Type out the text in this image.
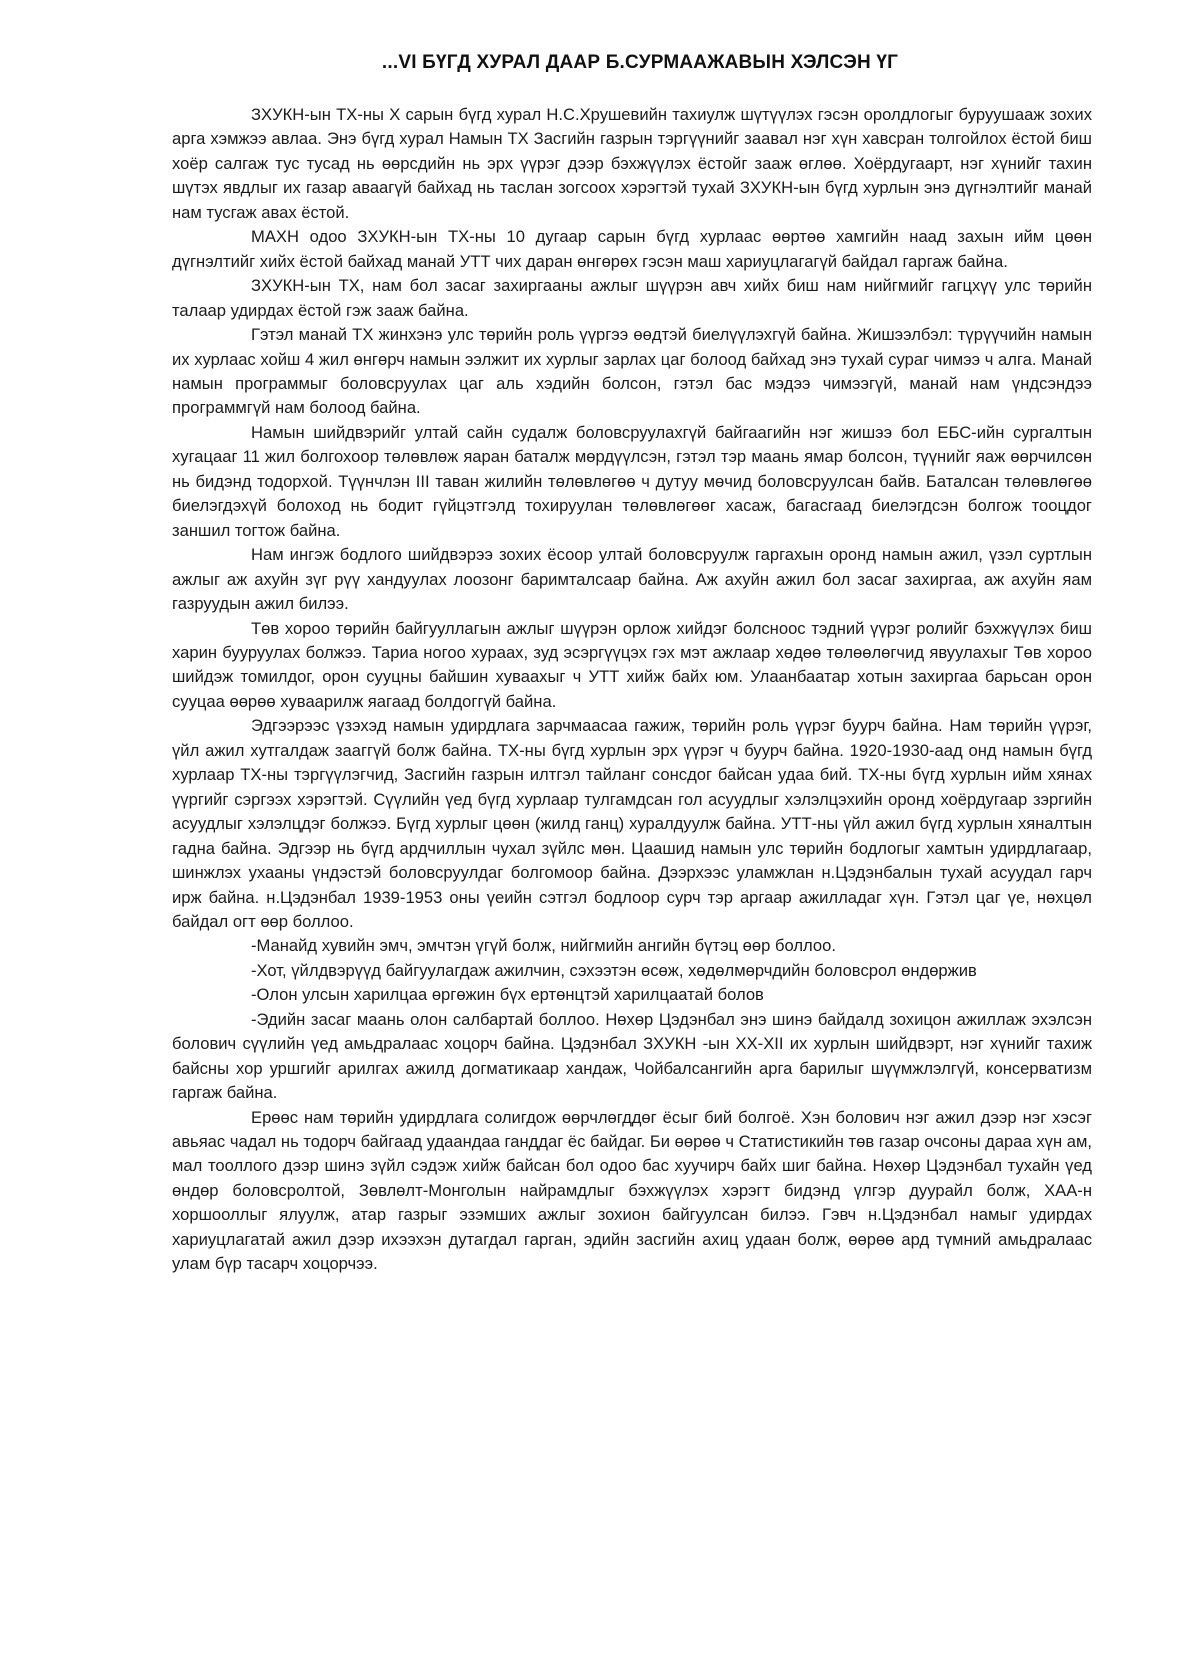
...VI БҮГД ХУРАЛ ДААР Б.СУРМААЖАВЫН ХЭЛСЭН ҮГ

ЗХУКН-ын ТХ-ны X сарын бүгд хурал Н.С.Хрушевийн тахиулж шүтүүлэх гэсэн оролдлогыг буруушааж зохих арга хэмжээ авлаа. Энэ бүгд хурал Намын ТХ Засгийн газрын тэргүүнийг заавал нэг хүн хавсран толгойлох ёстой биш хоёр салгаж тус тусад нь өөрсдийн нь эрх үүрэг дээр бэхжүүлэх ёстойг зааж өглөө. Хоёрдугаарт, нэг хүнийг тахин шүтэх явдлыг их газар аваагүй байхад нь таслан зогсоох хэрэгтэй тухай ЗХУКН-ын бүгд хурлын энэ дүгнэлтийг манай нам тусгаж авах ёстой.

МАХН одоо ЗХУКН-ын ТХ-ны 10 дугаар сарын бүгд хурлаас өөртөө хамгийн наад захын ийм цөөн дүгнэлтийг хийх ёстой байхад манай УТТ чих даран өнгөрөх гэсэн маш хариуцлагагүй байдал гаргаж байна.

ЗХУКН-ын ТХ, нам бол засаг захиргааны ажлыг шүүрэн авч хийх биш нам нийгмийг гагцхүү улс төрийн талаар удирдах ёстой гэж зааж байна.

Гэтэл манай ТХ жинхэнэ улс төрийн роль үүргээ өөдтэй биелүүлэхгүй байна. Жишээлбэл: түрүүчийн намын их хурлаас хойш 4 жил өнгөрч намын ээлжит их хурлыг зарлах цаг болоод байхад энэ тухай сураг чимээ ч алга. Манай намын программыг боловсруулах цаг аль хэдийн болсон, гэтэл бас мэдээ чимээгүй, манай нам үндсэндээ программгүй нам болоод байна.

Намын шийдвэрийг ултай сайн судалж боловсруулахгүй байгаагийн нэг жишээ бол ЕБС-ийн сургалтын хугацааг 11 жил болгохоор төлөвлөж яаран баталж мөрдүүлсэн, гэтэл тэр маань ямар болсон, түүнийг яаж өөрчилсөн нь бидэнд тодорхой. Түүнчлэн III таван жилийн төлөвлөгөө ч дутуу мөчид боловсруулсан байв. Баталсан төлөвлөгөө биелэгдэхүй болоход нь бодит гүйцэтгэлд тохируулан төлөвлөгөөг хасаж, багасгаад биелэгдсэн болгож тооцдог заншил тогтож байна.

Нам ингэж бодлого шийдвэрээ зохих ёсоор ултай боловсруулж гаргахын оронд намын ажил, үзэл суртлын ажлыг аж ахуйн зүг рүү хандуулах лоозонг баримталсаар байна. Аж ахуйн ажил бол засаг захиргаа, аж ахуйн яам газруудын ажил билээ.

Төв хороо төрийн байгууллагын ажлыг шүүрэн орлож хийдэг болсноос тэдний үүрэг ролийг бэхжүүлэх биш харин бууруулах болжээ. Тариа ногоо хураах, зуд эсэргүүцэх гэх мэт ажлаар хөдөө төлөөлөгчид явуулахыг Төв хороо шийдэж томилдог, орон сууцны байшин хуваахыг ч УТТ хийж байх юм. Улаанбаатар хотын захиргаа барьсан орон сууцаа өөрөө хуваарилж яагаад болдоггүй байна.

Эдгээрээс үзэхэд намын удирдлага зарчмаасаа гажиж, төрийн роль үүрэг буурч байна. Нам төрийн үүрэг, үйл ажил хутгалдаж зааггүй болж байна. ТХ-ны бүгд хурлын эрх үүрэг ч буурч байна. 1920-1930-аад онд намын бүгд хурлаар ТХ-ны тэргүүлэгчид, Засгийн газрын илтгэл тайланг сонсдог байсан удаа бий. ТХ-ны бүгд хурлын ийм хянах үүргийг сэргээх хэрэгтэй. Сүүлийн үед бүгд хурлаар тулгамдсан гол асуудлыг хэлэлцэхийн оронд хоёрдугаар зэргийн асуудлыг хэлэлцдэг болжээ. Бүгд хурлыг цөөн (жилд ганц) хуралдуулж байна. УТТ-ны үйл ажил бүгд хурлын хяналтын гадна байна. Эдгээр нь бүгд ардчиллын чухал зүйлс мөн. Цаашид намын улс төрийн бодлогыг хамтын удирдлагаар, шинжлэх ухааны үндэстэй боловсруулдаг болгомоор байна. Дээрхээс уламжлан н.Цэдэнбалын тухай асуудал гарч ирж байна. н.Цэдэнбал 1939-1953 оны үеийн сэтгэл бодлоор сурч тэр аргаар ажилладаг хүн. Гэтэл цаг үе, нөхцөл байдал огт өөр боллоо.

-Манайд хувийн эмч, эмчтэн үгүй болж, нийгмийн ангийн бүтэц өөр боллоо.

-Хот, үйлдвэрүүд байгуулагдаж ажилчин, сэхээтэн өсөж, хөдөлмөрчдийн боловсрол өндөржив

-Олон улсын харилцаа өргөжин бүх ертөнцтэй харилцаатай болов

-Эдийн засаг маань олон салбартай боллоо. Нөхөр Цэдэнбал энэ шинэ байдалд зохицон ажиллаж эхэлсэн болович сүүлийн үед амьдралаас хоцорч байна. Цэдэнбал ЗХУКН -ын XX-XII их хурлын шийдвэрт, нэг хүнийг тахиж байсны хор уршгийг арилгах ажилд догматикаар хандаж, Чойбалсангийн арга барилыг шүүмжлэлгүй, консерватизм гаргаж байна.

Ерөөс нам төрийн удирдлага солигдож өөрчлөгддөг ёсыг бий болгоё. Хэн болович нэг ажил дээр нэг хэсэг авьяас чадал нь тодорч байгаад удаандаа ганддаг ёс байдаг. Би өөрөө ч Статистикийн төв газар очсоны дараа хүн ам, мал тооллого дээр шинэ зүйл сэдэж хийж байсан бол одоо бас хуучирч байх шиг байна. Нөхөр Цэдэнбал тухайн үед өндөр боловсролтой, Зөвлөлт-Монголын найрамдлыг бэхжүүлэх хэрэгт бидэнд үлгэр дуурайл болж, ХАА-н хоршооллыг ялуулж, атар газрыг эзэмших ажлыг зохион байгуулсан билээ. Гэвч н.Цэдэнбал намыг удирдах хариуцлагатай ажил дээр ихээхэн дутагдал гарган, эдийн засгийн ахиц удаан болж, өөрөө ард түмний амьдралаас улам бүр тасарч хоцорчээ.
